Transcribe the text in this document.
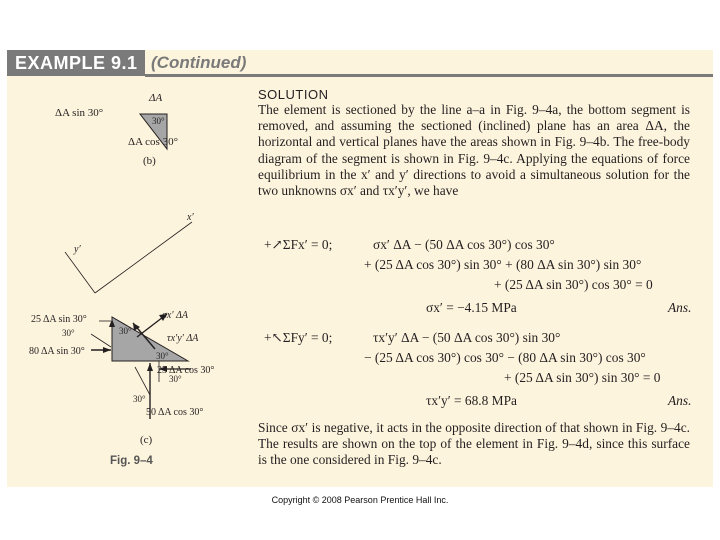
EXAMPLE 9.1 (Continued)
ΔA
ΔA sin 30°
ΔA cos 30°
30°
(b)
x′
y′
σx′ ΔA
τx′y′ ΔA
25 ΔA sin 30°
80 ΔA sin 30°
25 ΔA cos 30°
50 ΔA cos 30°
30°	30°
30°
30°
30°
(c)
Fig. 9–4
SOLUTION
The element is sectioned by the line a–a in Fig. 9–4a, the bottom segment is removed, and assuming the sectioned (inclined) plane has an area ΔA, the horizontal and vertical planes have the areas shown in Fig. 9–4b. The free-body diagram of the segment is shown in Fig. 9–4c. Applying the equations of force equilibrium in the x′ and y′ directions to avoid a simultaneous solution for the two unknowns σx′ and τx′y′, we have
+↗ΣFx′ = 0;	σx′ ΔA − (50 ΔA cos 30°) cos 30°
+ (25 ΔA cos 30°) sin 30° + (80 ΔA sin 30°) sin 30°
+ (25 ΔA sin 30°) cos 30° = 0
σx′ = −4.15 MPa	Ans.
+↖ΣFy′ = 0;	τx′y′ ΔA − (50 ΔA cos 30°) sin 30°
− (25 ΔA cos 30°) cos 30° − (80 ΔA sin 30°) cos 30°
+ (25 ΔA sin 30°) sin 30° = 0
τx′y′ = 68.8 MPa	Ans.
Since σx′ is negative, it acts in the opposite direction of that shown in Fig. 9–4c. The results are shown on the top of the element in Fig. 9–4d, since this surface is the one considered in Fig. 9–4c.
Copyright © 2008 Pearson Prentice Hall Inc.
